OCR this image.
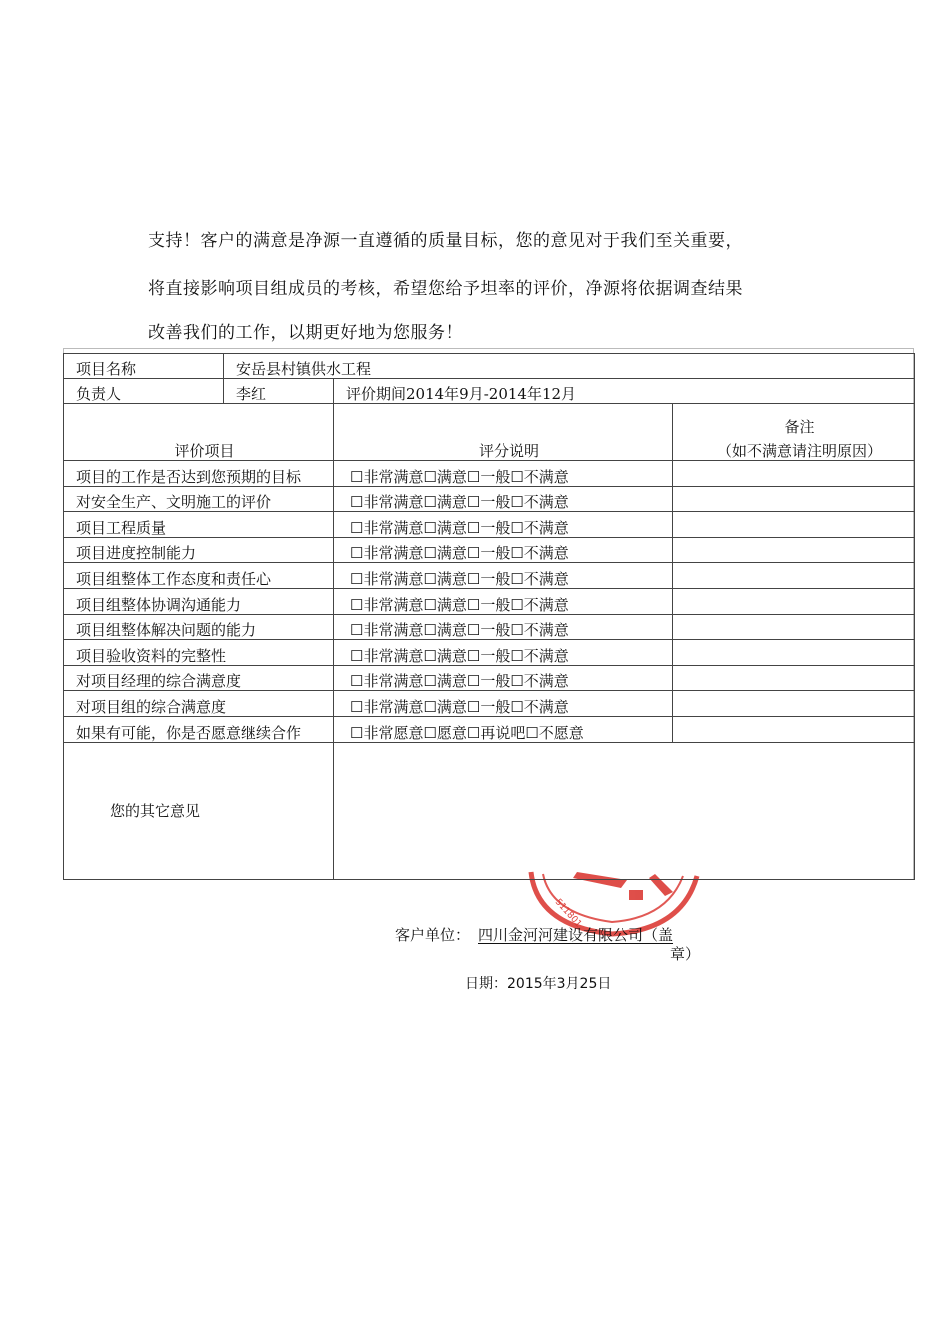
支持！客户的满意是净源一直遵循的质量目标，您的意见对于我们至关重要，
将直接影响项目组成员的考核，希望您给予坦率的评价，净源将依据调查结果
改善我们的工作，以期更好地为您服务！
511801
项目名称	安岳县村镇供水工程		
负责人	李红	评价期间2014年9月-2014年12月	
评价项目		评分说明	备注
（如不满意请注明原因）

项目的工作是否达到您预期的目标		☐非常满意☐满意☐一般☐不满意	

对安全生产、文明施工的评价		☐非常满意☐满意☐一般☐不满意	

项目工程质量		☐非常满意☐满意☐一般☐不满意	

项目进度控制能力		☐非常满意☐满意☐一般☐不满意	

项目组整体工作态度和责任心		☐非常满意☐满意☐一般☐不满意	

项目组整体协调沟通能力		☐非常满意☐满意☐一般☐不满意	

项目组整体解决问题的能力		☐非常满意☐满意☐一般☐不满意	

项目验收资料的完整性		☐非常满意☐满意☐一般☐不满意	

对项目经理的综合满意度		☐非常满意☐满意☐一般☐不满意	

对项目组的综合满意度		☐非常满意☐满意☐一般☐不满意	

如果有可能，你是否愿意继续合作		☐非常愿意☐愿意☐再说吧☐不愿意	
您的其它意见			
客户单位： 四川金河河建设有限公司（盖
章）
日期：2015年3月25日
